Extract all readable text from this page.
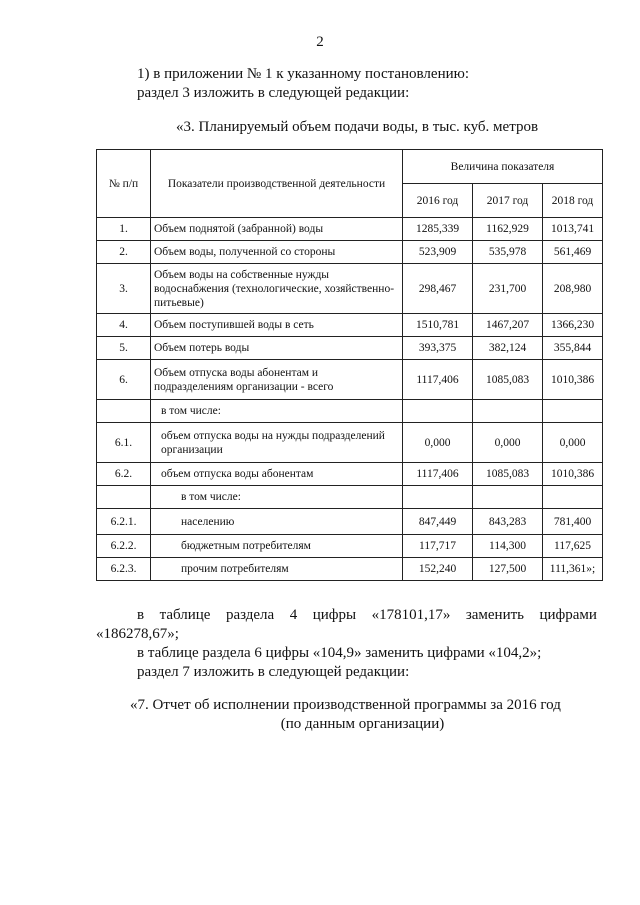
2
1) в приложении № 1 к указанному постановлению:
раздел 3 изложить в следующей редакции:
«3. Планируемый объем подачи воды, в тыс. куб. метров
№ п/п	Показатели производственной деятельности	Величина показателя		
		2016 год	2017 год	2018 год
1.	Объем поднятой (забранной) воды	1285,339	1162,929	1013,741
2.	Объем воды, полученной со стороны	523,909	535,978	561,469
3.	Объем воды на собственные нужды водоснабжения (технологические, хозяйственно-питьевые)	298,467	231,700	208,980
4.	Объем поступившей воды в сеть	1510,781	1467,207	1366,230
5.	Объем потерь воды	393,375	382,124	355,844
6.	Объем отпуска воды абонентам и подразделениям организации - всего	1117,406	1085,083	1010,386
	в том числе:			
6.1.	объем отпуска воды на нужды подразделений организации	0,000	0,000	0,000
6.2.	объем отпуска воды абонентам	1117,406	1085,083	1010,386
	в том числе:			
6.2.1.	населению	847,449	843,283	781,400
6.2.2.	бюджетным потребителям	117,717	114,300	117,625
6.2.3.	прочим потребителям	152,240	127,500	111,361»;
в таблице раздела 4 цифры «178101,17» заменить цифрами
«186278,67»;
в таблице раздела 6 цифры «104,9» заменить цифрами «104,2»;
раздел 7 изложить в следующей редакции:
«7. Отчет об исполнении производственной программы за 2016 год
(по данным организации)
